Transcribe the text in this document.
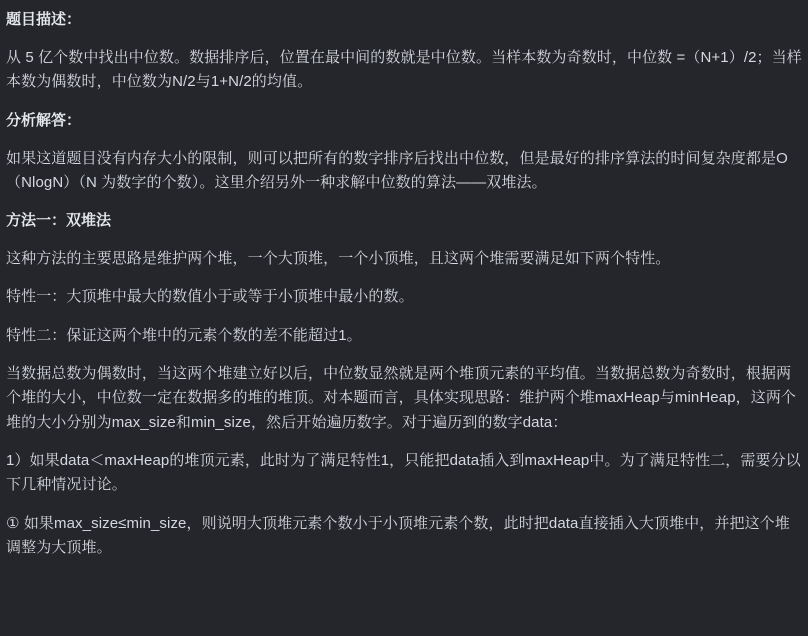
题目描述：

从 5 亿个数中找出中位数。数据排序后，位置在最中间的数就是中位数。当样本数为奇数时，中位数 =（N+1）/2；当样本数为偶数时，中位数为N/2与1+N/2的均值。

分析解答：

如果这道题目没有内存大小的限制，则可以把所有的数字排序后找出中位数，但是最好的排序算法的时间复杂度都是O（NlogN）（N 为数字的个数）。这里介绍另外一种求解中位数的算法——双堆法。

方法一：双堆法

这种方法的主要思路是维护两个堆，一个大顶堆，一个小顶堆，且这两个堆需要满足如下两个特性。

特性一：大顶堆中最大的数值小于或等于小顶堆中最小的数。

特性二：保证这两个堆中的元素个数的差不能超过1。

当数据总数为偶数时，当这两个堆建立好以后，中位数显然就是两个堆顶元素的平均值。当数据总数为奇数时，根据两个堆的大小，中位数一定在数据多的堆的堆顶。对本题而言，具体实现思路：维护两个堆maxHeap与minHeap，这两个堆的大小分别为max_size和min_size，然后开始遍历数字。对于遍历到的数字data：

1）如果data＜maxHeap的堆顶元素，此时为了满足特性1，只能把data插入到maxHeap中。为了满足特性二，需要分以下几种情况讨论。

① 如果max_size≤min_size，则说明大顶堆元素个数小于小顶堆元素个数，此时把data直接插入大顶堆中，并把这个堆调整为大顶堆。
